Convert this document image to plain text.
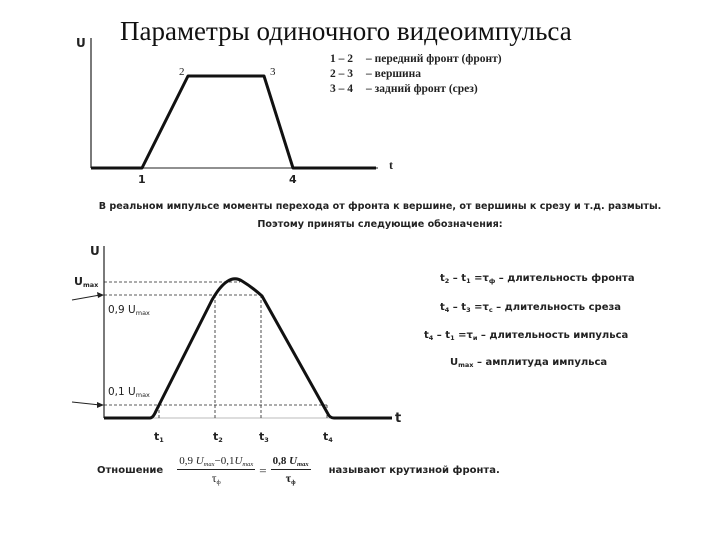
Параметры одиночного видеоимпульса
U
t
1
2	3
4
1 – 2	– передний фронт (фронт)
2 – 3	– вершина
3 – 4	– задний фронт (срез)
В реальном импульсе моменты перехода от фронта к вершине, от вершины к срезу и т.д. размыты.
Поэтому приняты следующие обозначения:
U
t
$U_{max}$
0,9 $U_{max}$
0,1 $U_{max}$
$t_1$	$t_2$	$t_3$	$t_4$
$t_2 - t_1 =\tau_ф$ – длительность фронта
$t_4 - t_3 =\tau_с$ – длительность среза
$t_4 - t_1 =\tau_и$ – длительность импульса
$U_{max}$ – амплитуда импульса
Отношение $\frac{0,9 U_{max}-0,1U_{max}}{\tau_ф} = \frac{0,8 U_{max}}{\tau_ф}$ называют крутизной фронта.
